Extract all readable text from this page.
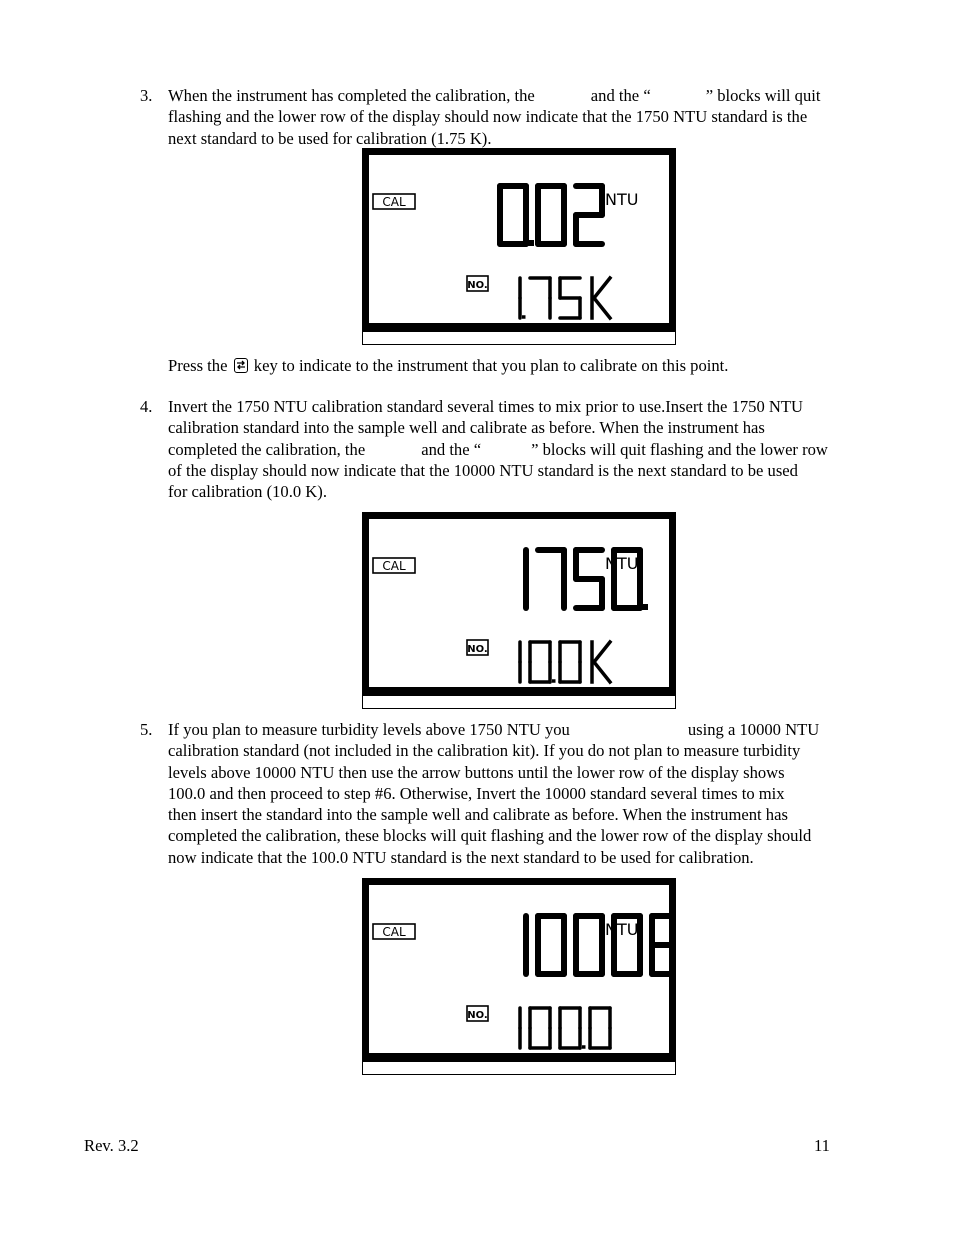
3. When the instrument has completed the calibration, the	and the “	” blocks will quit
flashing and the lower row of the display should now indicate that the 1750 NTU standard is the
next standard to be used for calibration (1.75 K).
CAL	NTU
NO.
Press the key to indicate to the instrument that you plan to calibrate on this point.
4. Invert the 1750 NTU calibration standard several times to mix prior to use.Insert the 1750 NTU
calibration standard into the sample well and calibrate as before. When the instrument has
completed the calibration, the	and the “	” blocks will quit flashing and the lower row
of the display should now indicate that the 10000 NTU standard is the next standard to be used
for calibration (10.0 K).
CAL	NTU
NO.
5. If you plan to measure turbidity levels above 1750 NTU you	using a 10000 NTU
calibration standard (not included in the calibration kit). If you do not plan to measure turbidity
levels above 10000 NTU then use the arrow buttons until the lower row of the display shows
100.0 and then proceed to step #6. Otherwise, Invert the 10000 standard several times to mix
then insert the standard into the sample well and calibrate as before. When the instrument has
completed the calibration, these blocks will quit flashing and the lower row of the display should
now indicate that the 100.0 NTU standard is the next standard to be used for calibration.
CAL	NTU
NO.
Rev. 3.2	11
